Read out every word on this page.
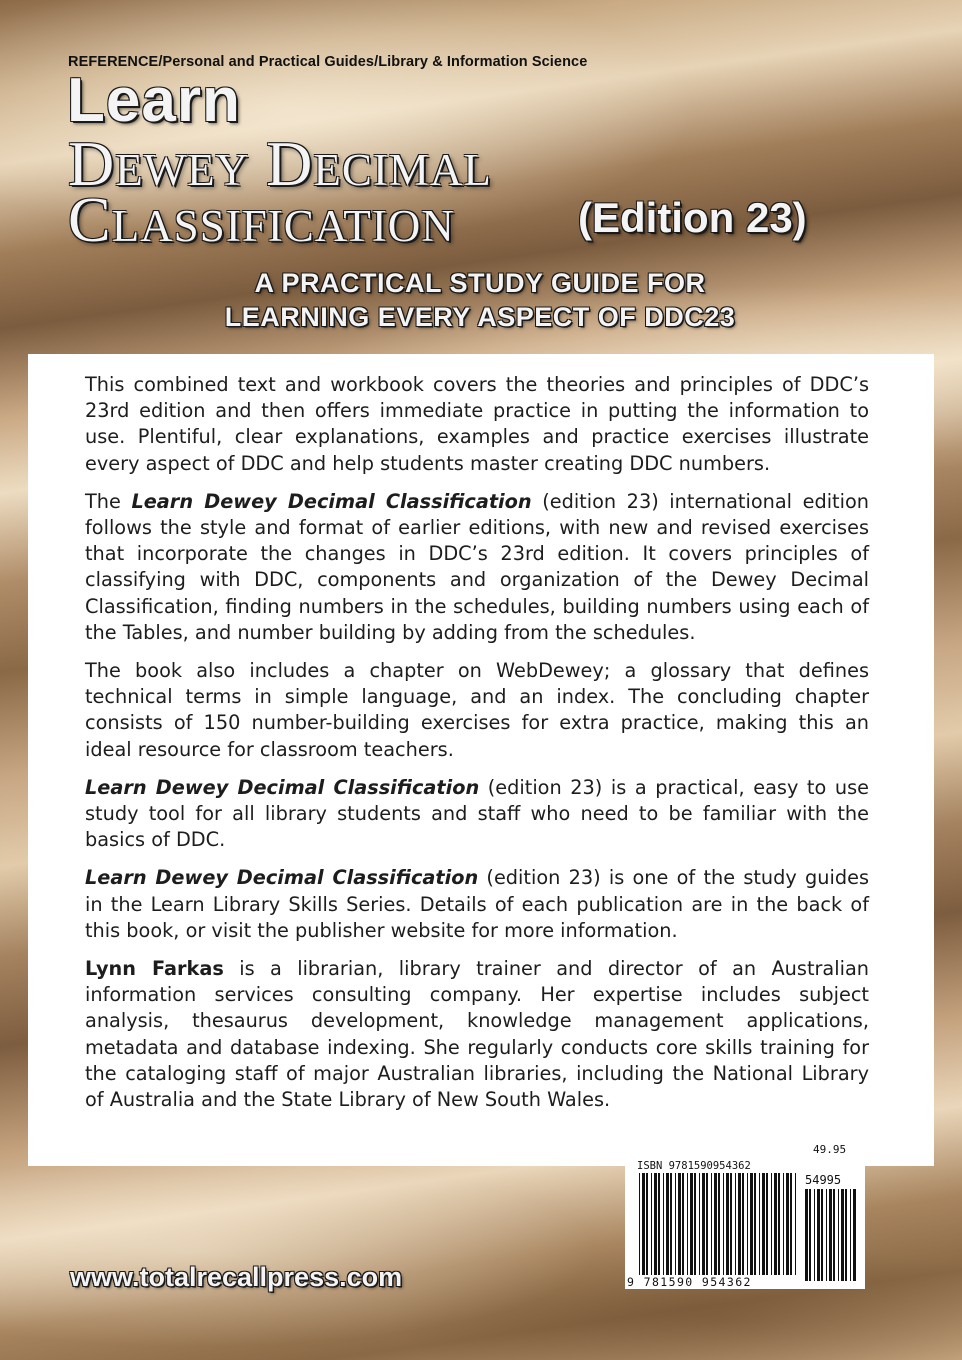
REFERENCE/Personal and Practical Guides/Library & Information Science
Learn
Dewey Decimal
Classification	(Edition 23)
A PRACTICAL STUDY GUIDE FOR
LEARNING EVERY ASPECT OF DDC23

This combined text and workbook covers the theories and principles of DDC’s 23rd edition and then offers immediate practice in putting the information to use. Plentiful, clear explanations, examples and practice exercises illustrate every aspect of DDC and help students master creating DDC numbers.

The Learn Dewey Decimal Classification (edition 23) international edition follows the style and format of earlier editions, with new and revised exercises that incorporate the changes in DDC’s 23rd edition. It covers principles of classifying with DDC, components and organization of the Dewey Decimal Classification, finding numbers in the schedules, building numbers using each of the Tables, and number building by adding from the schedules.

The book also includes a chapter on WebDewey; a glossary that defines technical terms in simple language, and an index. The concluding chapter consists of 150 number-building exercises for extra practice, making this an ideal resource for classroom teachers.

Learn Dewey Decimal Classification (edition 23) is a practical, easy to use study tool for all library students and staff who need to be familiar with the basics of DDC.

Learn Dewey Decimal Classification (edition 23) is one of the study guides in the Learn Library Skills Series. Details of each publication are in the back of this book, or visit the publisher website for more information.

Lynn Farkas is a librarian, library trainer and director of an Australian information services consulting company. Her expertise includes subject analysis, thesaurus development, knowledge management applications, metadata and database indexing. She regularly conducts core skills training for the cataloging staff of major Australian libraries, including the National Library of Australia and the State Library of New South Wales.

49.95
ISBN 9781590954362
54995
9 781590 954362
www.totalrecallpress.com
